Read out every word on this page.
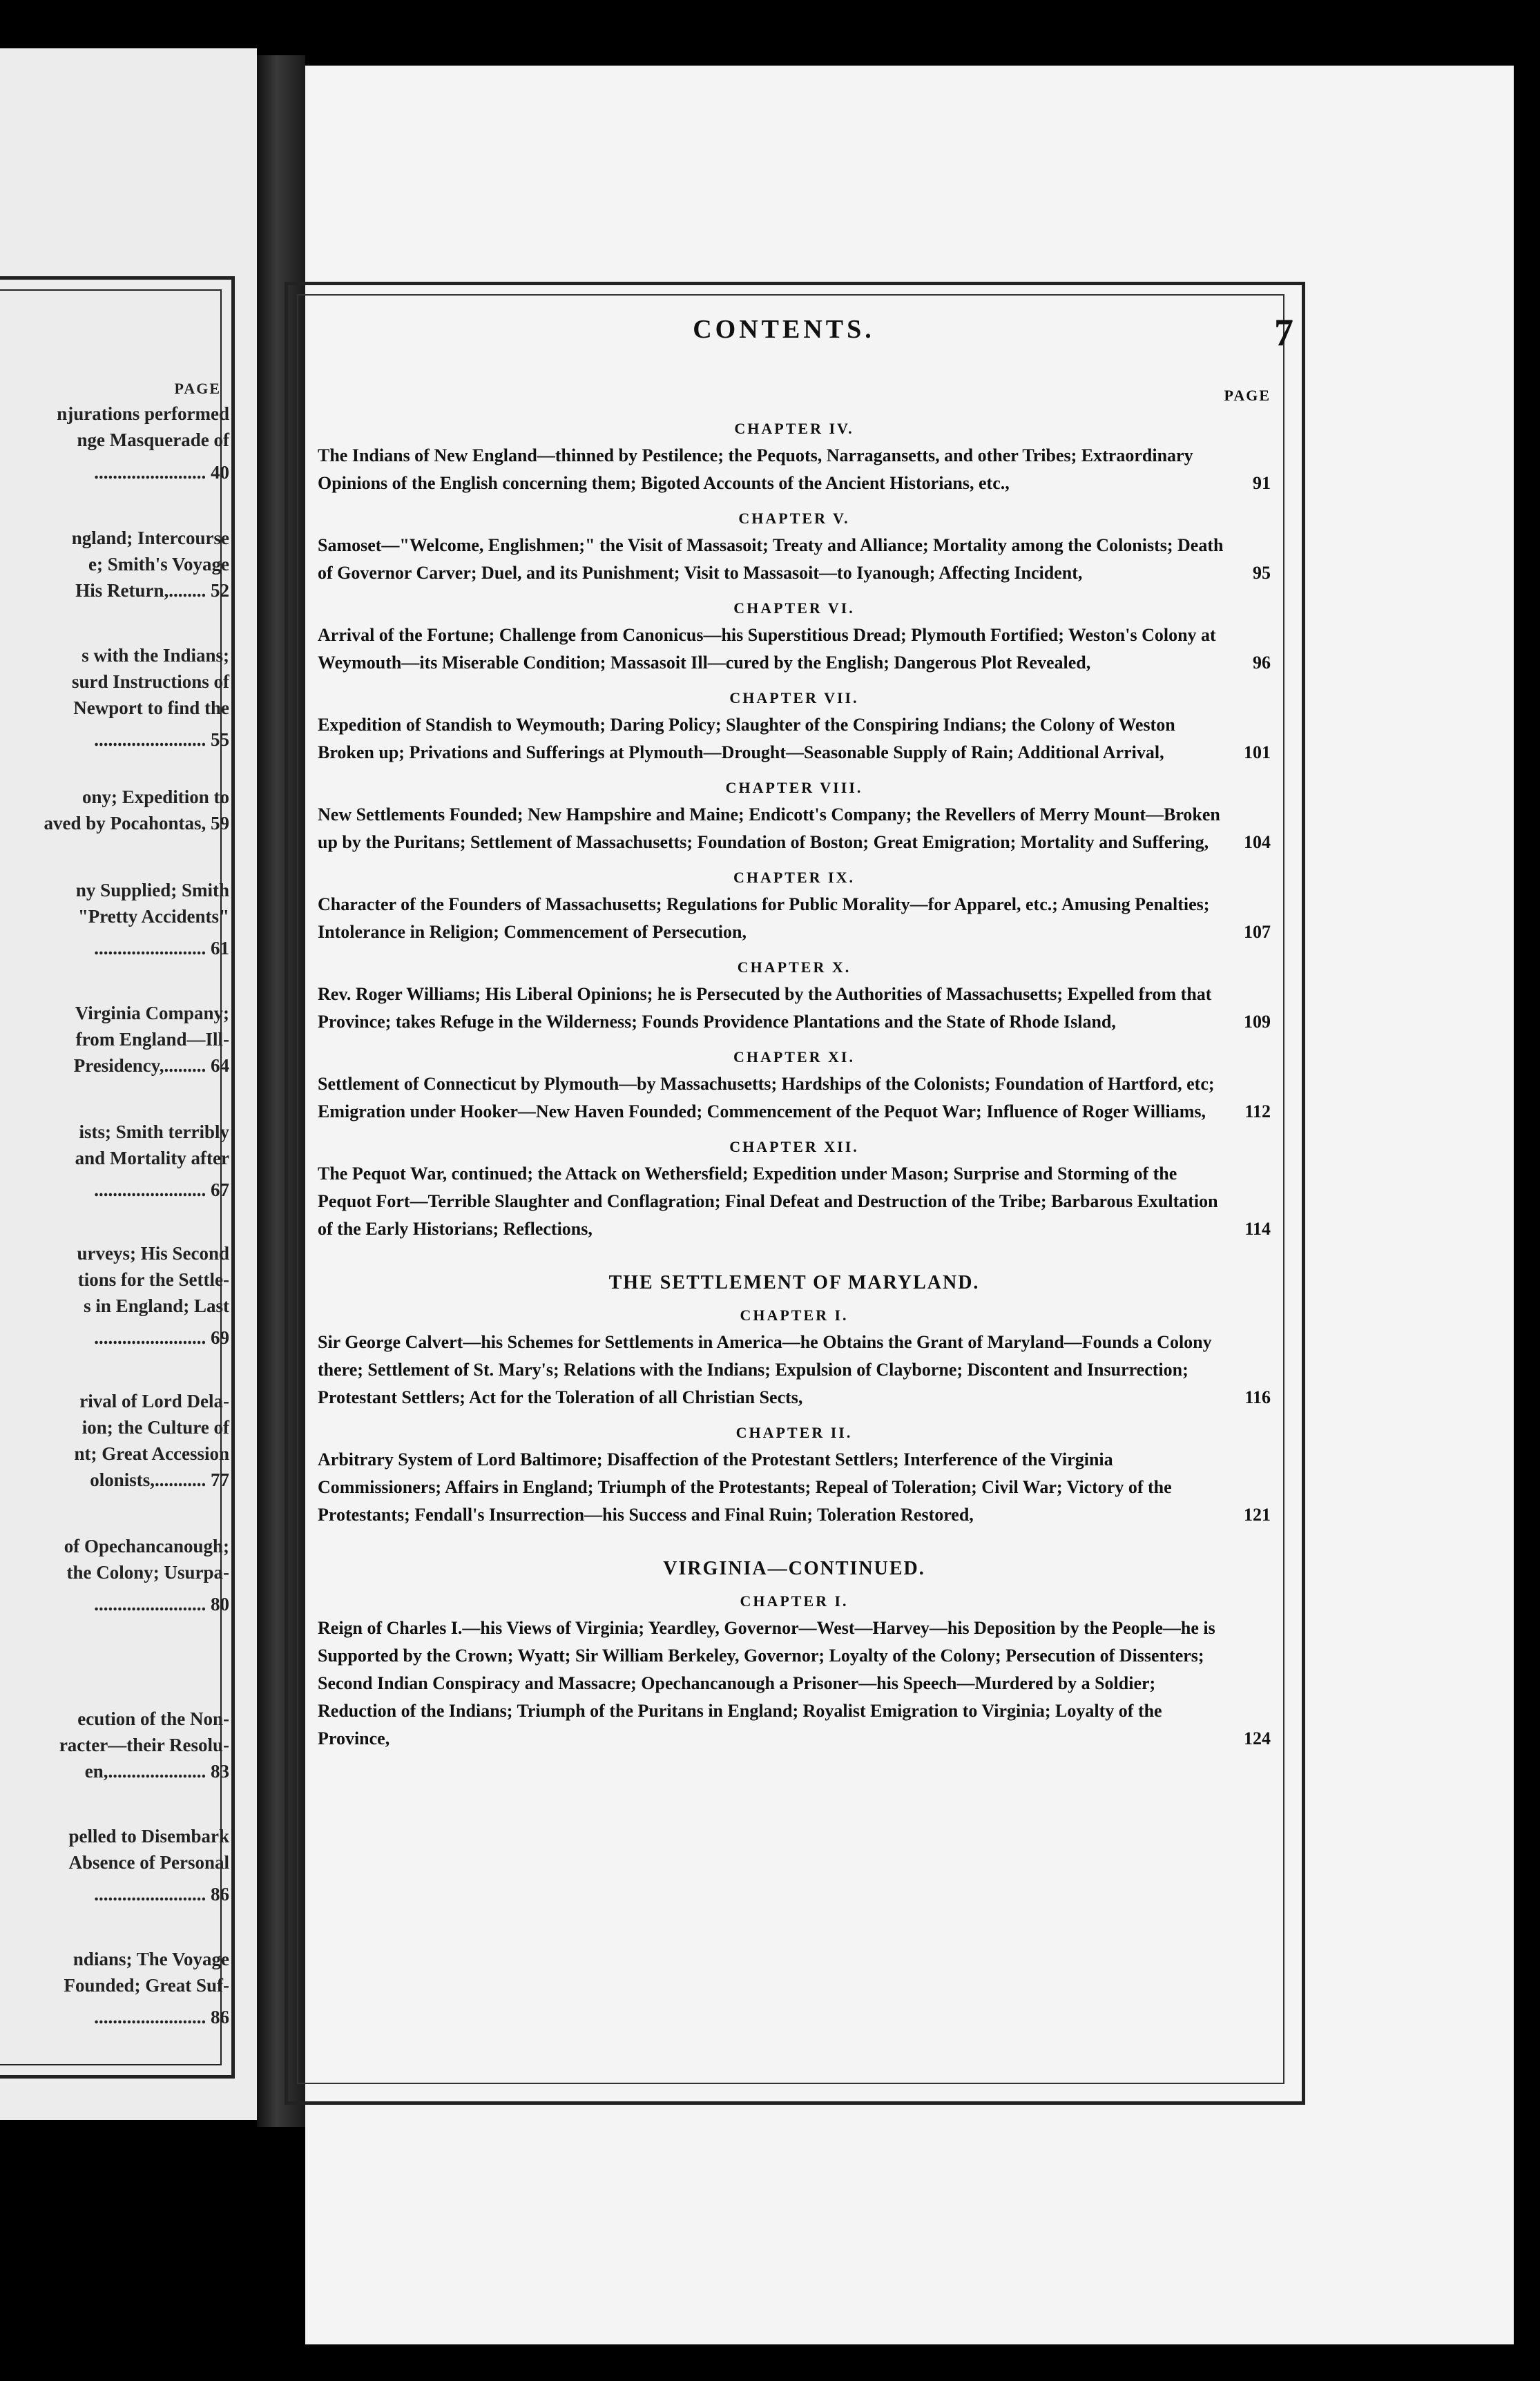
PAGE
njurations performed
nge Masquerade of
........................ 40
ngland; Intercourse
e; Smith's Voyage
His Return,........ 52
s with the Indians;
surd Instructions of
Newport to find the
........................ 55
ony; Expedition to
aved by Pocahontas, 59
ny Supplied; Smith
"Pretty Accidents"
........................ 61
Virginia Company;
from England—Ill-
Presidency,......... 64
ists; Smith terribly
and Mortality after
........................ 67
urveys; His Second
tions for the Settle-
s in England; Last
........................ 69
rival of Lord Dela-
ion; the Culture of
nt; Great Accession
olonists,........... 77
of Opechancanough;
the Colony; Usurpa-
........................ 80
ecution of the Non-
racter—their Resolu-
en,..................... 83
pelled to Disembark
Absence of Personal
........................ 86
ndians; The Voyage
Founded; Great Suf-
........................ 86
CONTENTS.	7
PAGE
CHAPTER IV.
The Indians of New England—thinned by Pestilence; the Pequots, Narragansetts, and other Tribes; Extraordinary Opinions of the English concerning them; Bigoted Accounts of the Ancient Historians, etc.,	91
CHAPTER V.
Samoset—"Welcome, Englishmen;" the Visit of Massasoit; Treaty and Alliance; Mortality among the Colonists; Death of Governor Carver; Duel, and its Punishment; Visit to Massasoit—to Iyanough; Affecting Incident,	95
CHAPTER VI.
Arrival of the Fortune; Challenge from Canonicus—his Superstitious Dread; Plymouth Fortified; Weston's Colony at Weymouth—its Miserable Condition; Massasoit Ill—cured by the English; Dangerous Plot Revealed,	96
CHAPTER VII.
Expedition of Standish to Weymouth; Daring Policy; Slaughter of the Conspiring Indians; the Colony of Weston Broken up; Privations and Sufferings at Plymouth—Drought—Seasonable Supply of Rain; Additional Arrival,	101
CHAPTER VIII.
New Settlements Founded; New Hampshire and Maine; Endicott's Company; the Revellers of Merry Mount—Broken up by the Puritans; Settlement of Massachusetts; Foundation of Boston; Great Emigration; Mortality and Suffering,	104
CHAPTER IX.
Character of the Founders of Massachusetts; Regulations for Public Morality—for Apparel, etc.; Amusing Penalties; Intolerance in Religion; Commencement of Persecution,	107
CHAPTER X.
Rev. Roger Williams; His Liberal Opinions; he is Persecuted by the Authorities of Massachusetts; Expelled from that Province; takes Refuge in the Wilderness; Founds Providence Plantations and the State of Rhode Island,	109
CHAPTER XI.
Settlement of Connecticut by Plymouth—by Massachusetts; Hardships of the Colonists; Foundation of Hartford, etc; Emigration under Hooker—New Haven Founded; Commencement of the Pequot War; Influence of Roger Williams,	112
CHAPTER XII.
The Pequot War, continued; the Attack on Wethersfield; Expedition under Mason; Surprise and Storming of the Pequot Fort—Terrible Slaughter and Conflagration; Final Defeat and Destruction of the Tribe; Barbarous Exultation of the Early Historians; Reflections,	114
THE SETTLEMENT OF MARYLAND.
CHAPTER I.
Sir George Calvert—his Schemes for Settlements in America—he Obtains the Grant of Maryland—Founds a Colony there; Settlement of St. Mary's; Relations with the Indians; Expulsion of Clayborne; Discontent and Insurrection; Protestant Settlers; Act for the Toleration of all Christian Sects,	116
CHAPTER II.
Arbitrary System of Lord Baltimore; Disaffection of the Protestant Settlers; Interference of the Virginia Commissioners; Affairs in England; Triumph of the Protestants; Repeal of Toleration; Civil War; Victory of the Protestants; Fendall's Insurrection—his Success and Final Ruin; Toleration Restored,	121
VIRGINIA—CONTINUED.
CHAPTER I.
Reign of Charles I.—his Views of Virginia; Yeardley, Governor—West—Harvey—his Deposition by the People—he is Supported by the Crown; Wyatt; Sir William Berkeley, Governor; Loyalty of the Colony; Persecution of Dissenters; Second Indian Conspiracy and Massacre; Opechancanough a Prisoner—his Speech—Murdered by a Soldier; Reduction of the Indians; Triumph of the Puritans in England; Royalist Emigration to Virginia; Loyalty of the Province,	124
